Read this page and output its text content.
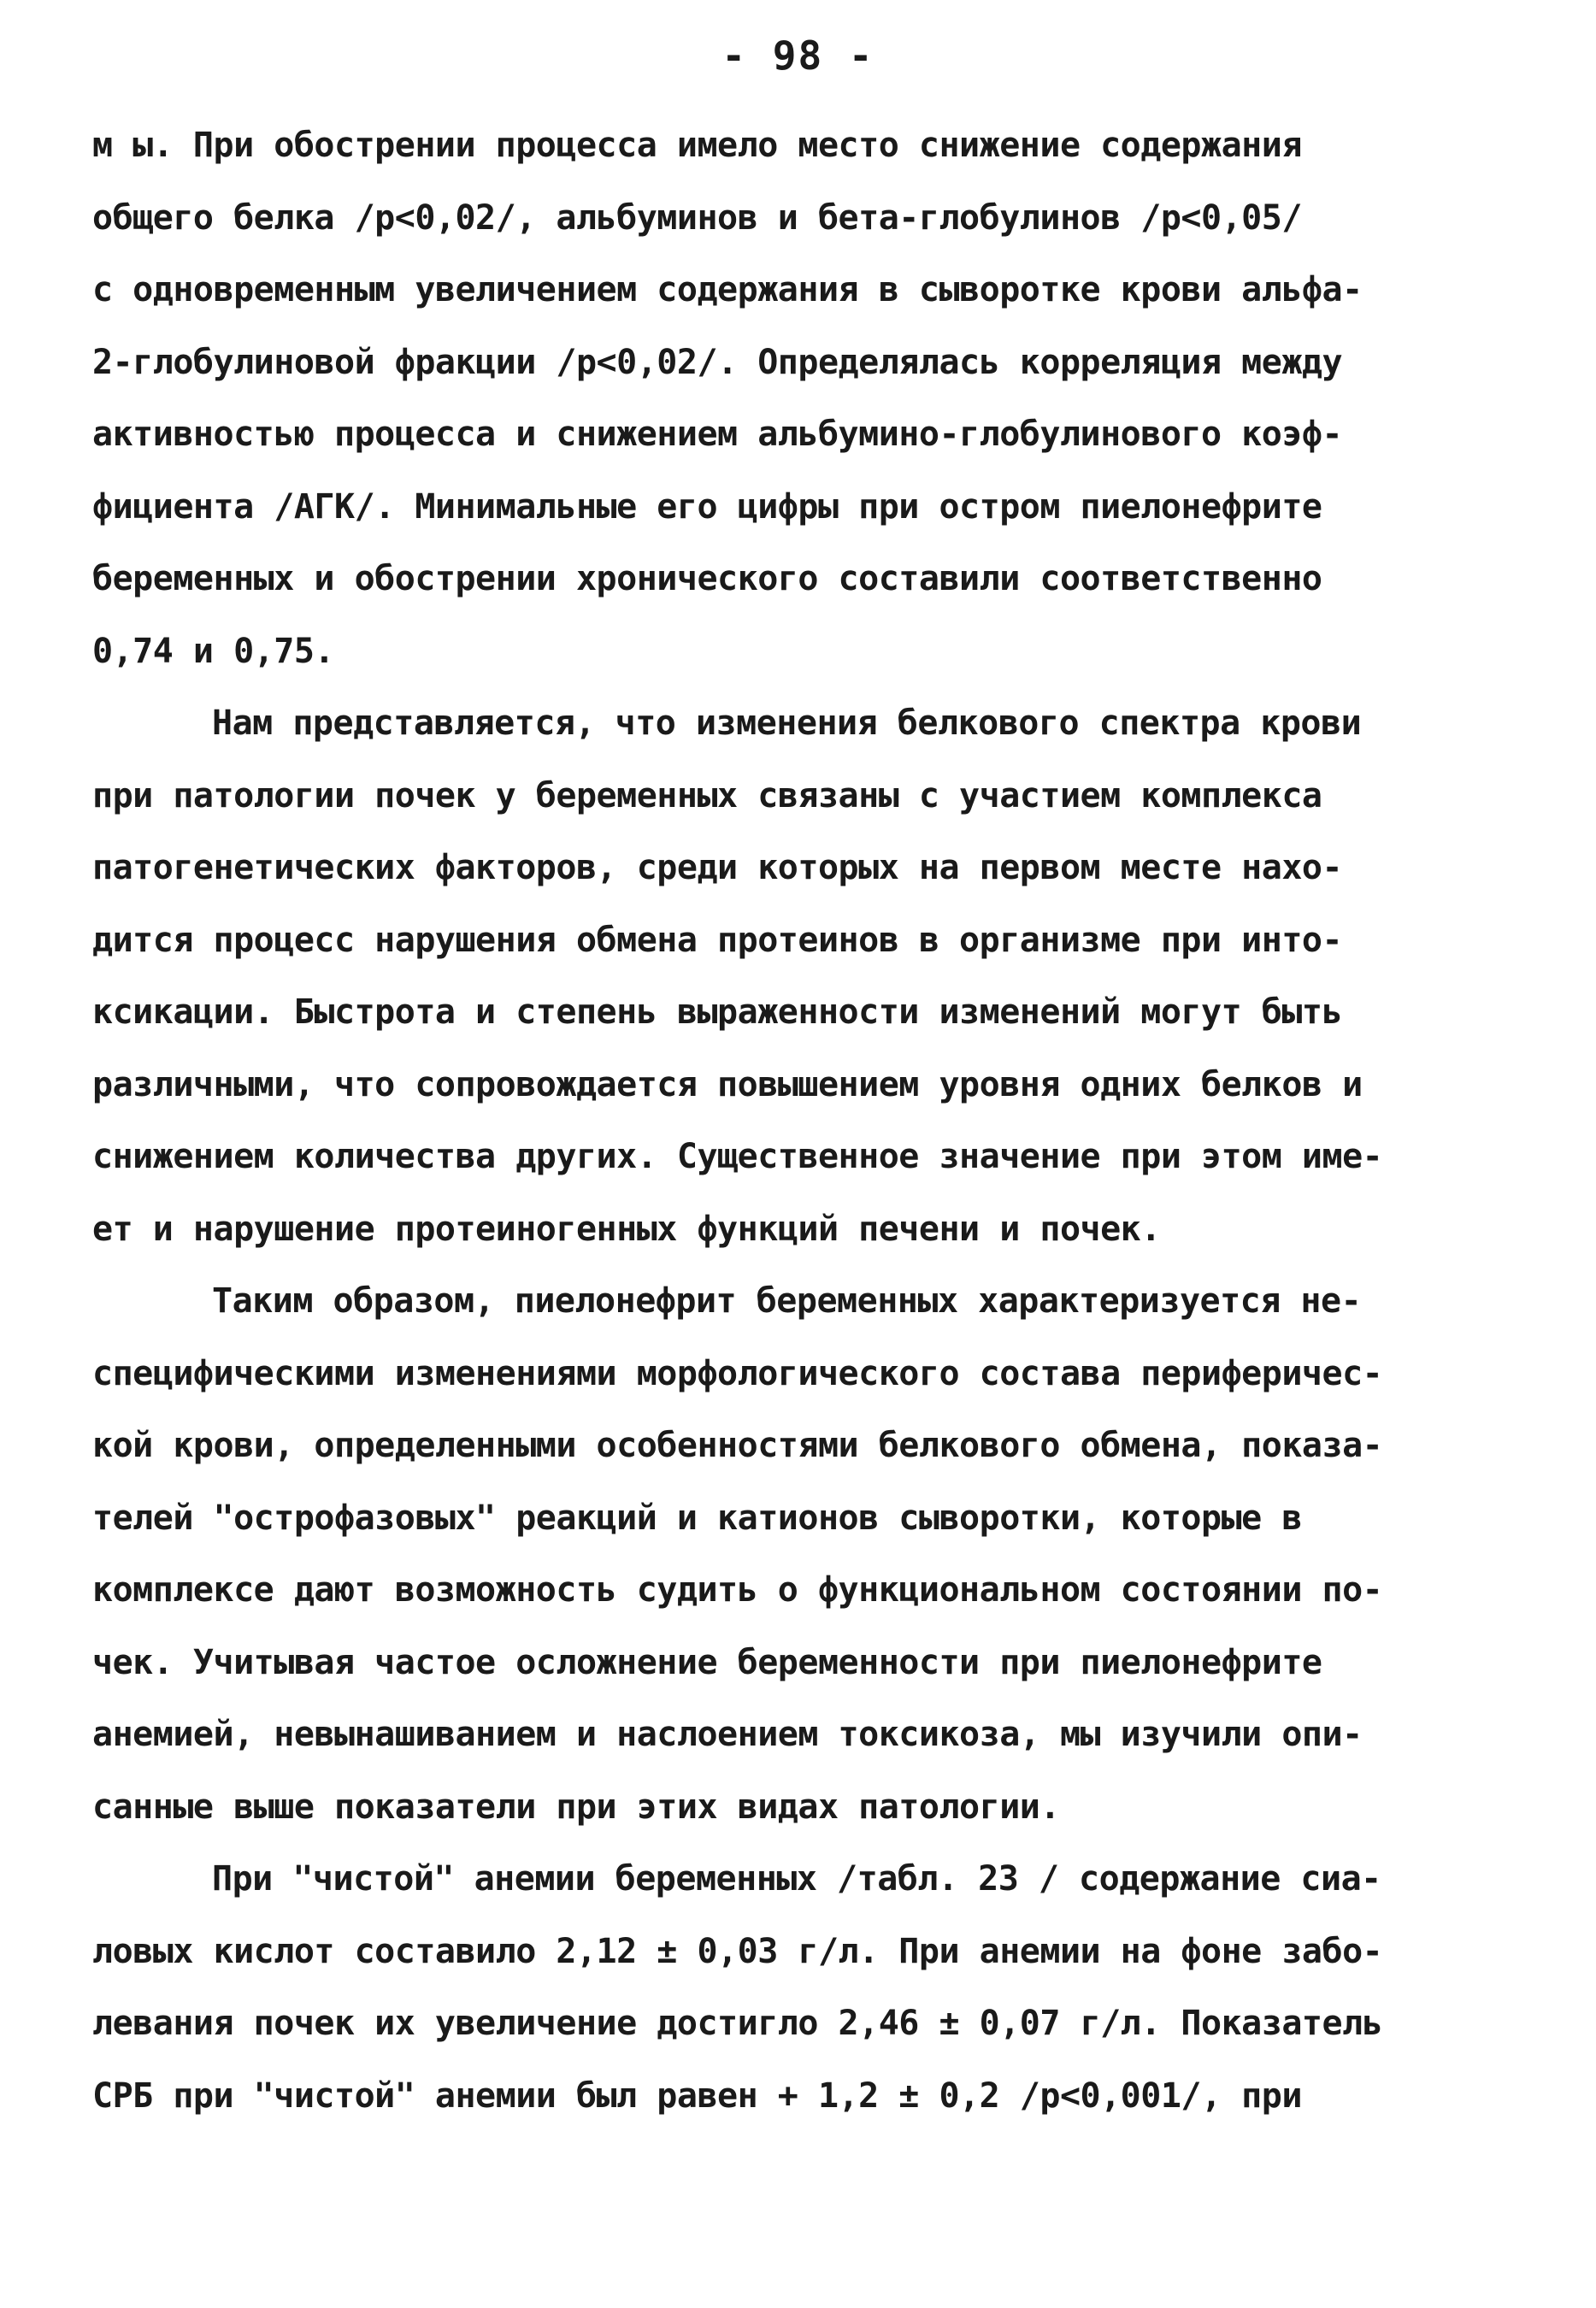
- 98 -
м ы. При обострении процесса имело место снижение содержания
общего белка /р<0,02/, альбуминов и бета-глобулинов /р<0,05/
с одновременным увеличением содержания в сыворотке крови альфа-
2-глобулиновой фракции /р<0,02/. Определялась корреляция между
активностью процесса и снижением альбумино-глобулинового коэф-
фициента /АГК/. Минимальные его цифры при остром пиелонефрите
беременных и обострении хронического составили соответственно
0,74 и 0,75.
Нам представляется, что изменения белкового спектра крови
при патологии почек у беременных связаны с участием комплекса
патогенетических факторов, среди которых на первом месте нахо-
дится процесс нарушения обмена протеинов в организме при инто-
ксикации. Быстрота и степень выраженности изменений могут быть
различными, что сопровождается повышением уровня одних белков и
снижением количества других. Существенное значение при этом име-
ет и нарушение протеиногенных функций печени и почек.
Таким образом, пиелонефрит беременных характеризуется не-
специфическими изменениями морфологического состава периферичес-
кой крови, определенными особенностями белкового обмена, показа-
телей "острофазовых" реакций и катионов сыворотки, которые в
комплексе дают возможность судить о функциональном состоянии по-
чек. Учитывая частое осложнение беременности при пиелонефрите
анемией, невынашиванием и наслоением токсикоза, мы изучили опи-
санные выше показатели при этих видах патологии.
При "чистой" анемии беременных /табл. 23 / содержание сиа-
ловых кислот составило 2,12 ± 0,03 г/л. При анемии на фоне забо-
левания почек их увеличение достигло 2,46 ± 0,07 г/л. Показатель
СРБ при "чистой" анемии был равен + 1,2 ± 0,2 /р<0,001/, при
